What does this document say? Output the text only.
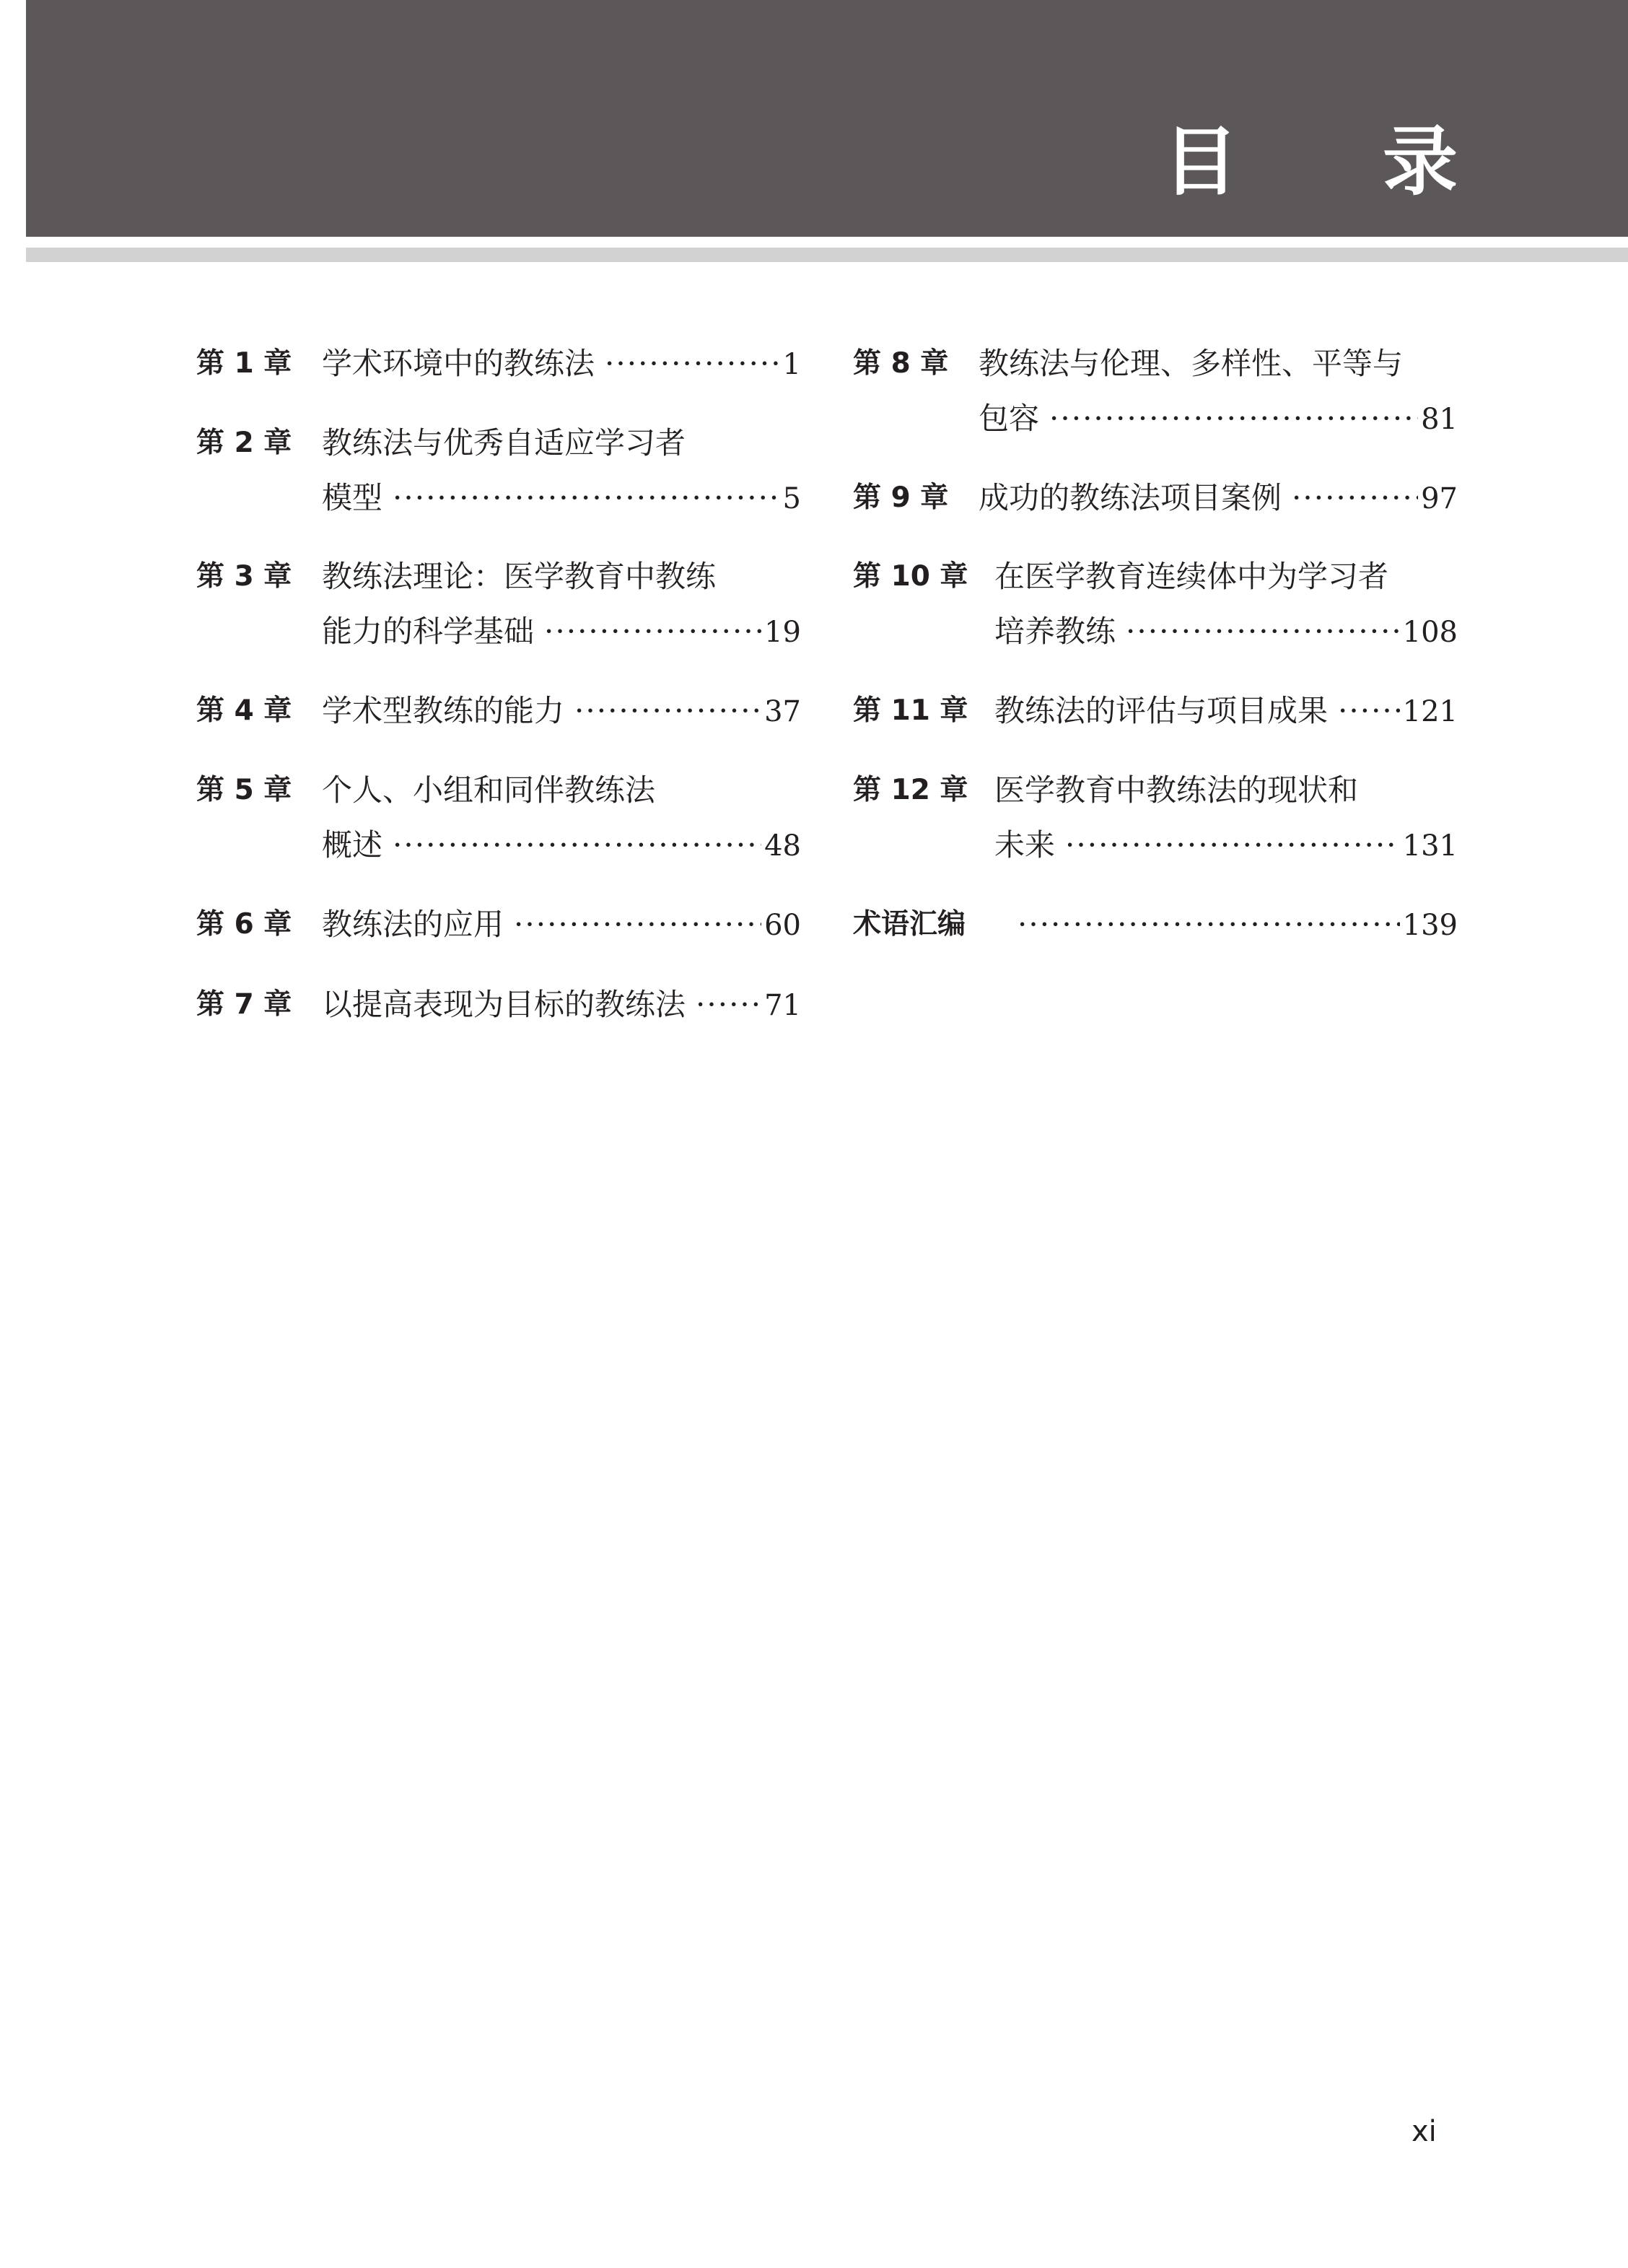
目 录
第 1 章 学术环境中的教练法 ·····	1
第 2 章 教练法与优秀自适应学习者
模型 ·····	5
第 3 章 教练法理论：医学教育中教练
能力的科学基础 ·····	19
第 4 章 学术型教练的能力 ·····	37
第 5 章 个人、小组和同伴教练法
概述 ·····	48
第 6 章 教练法的应用 ·····	60
第 7 章 以提高表现为目标的教练法 ·····	71
第 8 章 教练法与伦理、多样性、平等与
包容 ·····	81
第 9 章 成功的教练法项目案例 ·····	97
第 10 章 在医学教育连续体中为学习者
培养教练 ·····	108
第 11 章 教练法的评估与项目成果 ·····	121
第 12 章 医学教育中教练法的现状和
未来 ·····	131
术语汇编 ·····	139
xi
